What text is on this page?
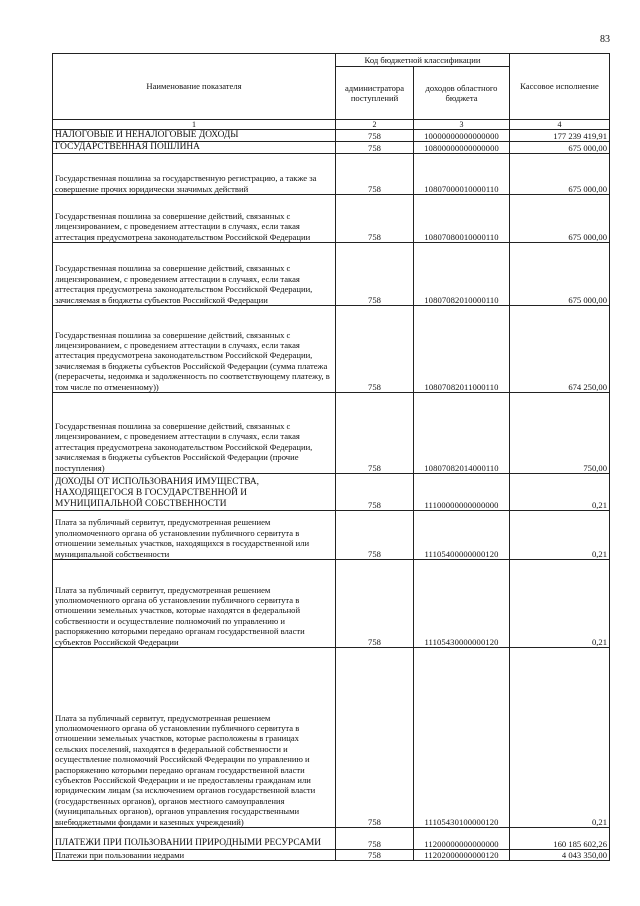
83
Наименование показателя	Код бюджетной классификации		Кассовое исполнение
	администратора поступлений	доходов областного бюджета	
1	2	3	4
НАЛОГОВЫЕ И НЕНАЛОГОВЫЕ ДОХОДЫ	758	10000000000000000	177 239 419,91
ГОСУДАРСТВЕННАЯ ПОШЛИНА	758	10800000000000000	675 000,00
Государственная пошлина за государственную регистрацию, а также за совершение прочих юридически значимых действий	758	10807000010000110	675 000,00
Государственная пошлина за совершение действий, связанных с лицензированием, с проведением аттестации в случаях, если такая аттестация предусмотрена законодательством Российской Федерации	758	10807080010000110	675 000,00
Государственная пошлина за совершение действий, связанных с лицензированием, с проведением аттестации в случаях, если такая аттестация предусмотрена законодательством Российской Федерации, зачисляемая в бюджеты субъектов Российской Федерации	758	10807082010000110	675 000,00
Государственная пошлина за совершение действий, связанных с лицензированием, с проведением аттестации в случаях, если такая аттестация предусмотрена законодательством Российской Федерации, зачисляемая в бюджеты субъектов Российской Федерации (сумма платежа (перерасчеты, недоимка и задолженность по соответствующему платежу, в том числе по отмененному))	758	10807082011000110	674 250,00
Государственная пошлина за совершение действий, связанных с лицензированием, с проведением аттестации в случаях, если такая аттестация предусмотрена законодательством Российской Федерации, зачисляемая в бюджеты субъектов Российской Федерации (прочие поступления)	758	10807082014000110	750,00
ДОХОДЫ ОТ ИСПОЛЬЗОВАНИЯ ИМУЩЕСТВА, НАХОДЯЩЕГОСЯ В ГОСУДАРСТВЕННОЙ И МУНИЦИПАЛЬНОЙ СОБСТВЕННОСТИ	758	11100000000000000	0,21
Плата за публичный сервитут, предусмотренная решением уполномоченного органа об установлении публичного сервитута в отношении земельных участков, находящихся в государственной или муниципальной собственности	758	11105400000000120	0,21
Плата за публичный сервитут, предусмотренная решением уполномоченного органа об установлении публичного сервитута в отношении земельных участков, которые находятся в федеральной собственности и осуществление полномочий по управлению и распоряжению которыми передано органам государственной власти субъектов Российской Федерации	758	11105430000000120	0,21
Плата за публичный сервитут, предусмотренная решением уполномоченного органа об установлении публичного сервитута в отношении земельных участков, которые расположены в границах сельских поселений, находятся в федеральной собственности и осуществление полномочий Российской Федерации по управлению и распоряжению которыми передано органам государственной власти субъектов Российской Федерации и не предоставлены гражданам или юридическим лицам (за исключением органов государственной власти (государственных органов), органов местного самоуправления (муниципальных органов), органов управления государственными внебюджетными фондами и казенных учреждений)	758	11105430100000120	0,21
ПЛАТЕЖИ ПРИ ПОЛЬЗОВАНИИ ПРИРОДНЫМИ РЕСУРСАМИ	758	11200000000000000	160 185 602,26
Платежи при пользовании недрами	758	11202000000000120	4 043 350,00
